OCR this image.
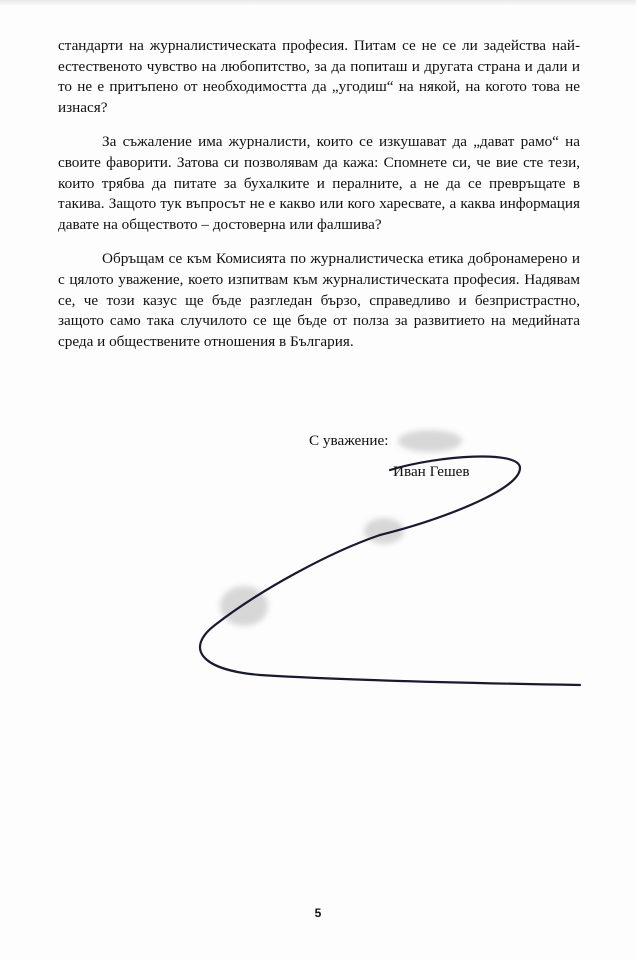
стандарти на журналистическата професия. Питам се не се ли задейства най-естественото чувство на любопитство, за да попиташ и другата страна и дали и то не е притъпено от необходимостта да „угодиш“ на някой, на когото това не изнася?

За съжаление има журналисти, които се изкушават да „дават рамо“ на своите фаворити. Затова си позволявам да кажа: Спомнете си, че вие сте тези, които трябва да питате за бухалките и пералните, а не да се превръщате в такива. Защото тук въпросът не е какво или кого харесвате, а каква информация давате на обществото – достоверна или фалшива?

Обръщам се към Комисията по журналистическа етика добронамерено и с цялото уважение, което изпитвам към журналистическата професия. Надявам се, че този казус ще бъде разгледан бързо, справедливо и безпристрастно, защото само така случилото се ще бъде от полза за развитието на медийната среда и обществените отношения в България.

С уважение:
Иван Гешев
5
